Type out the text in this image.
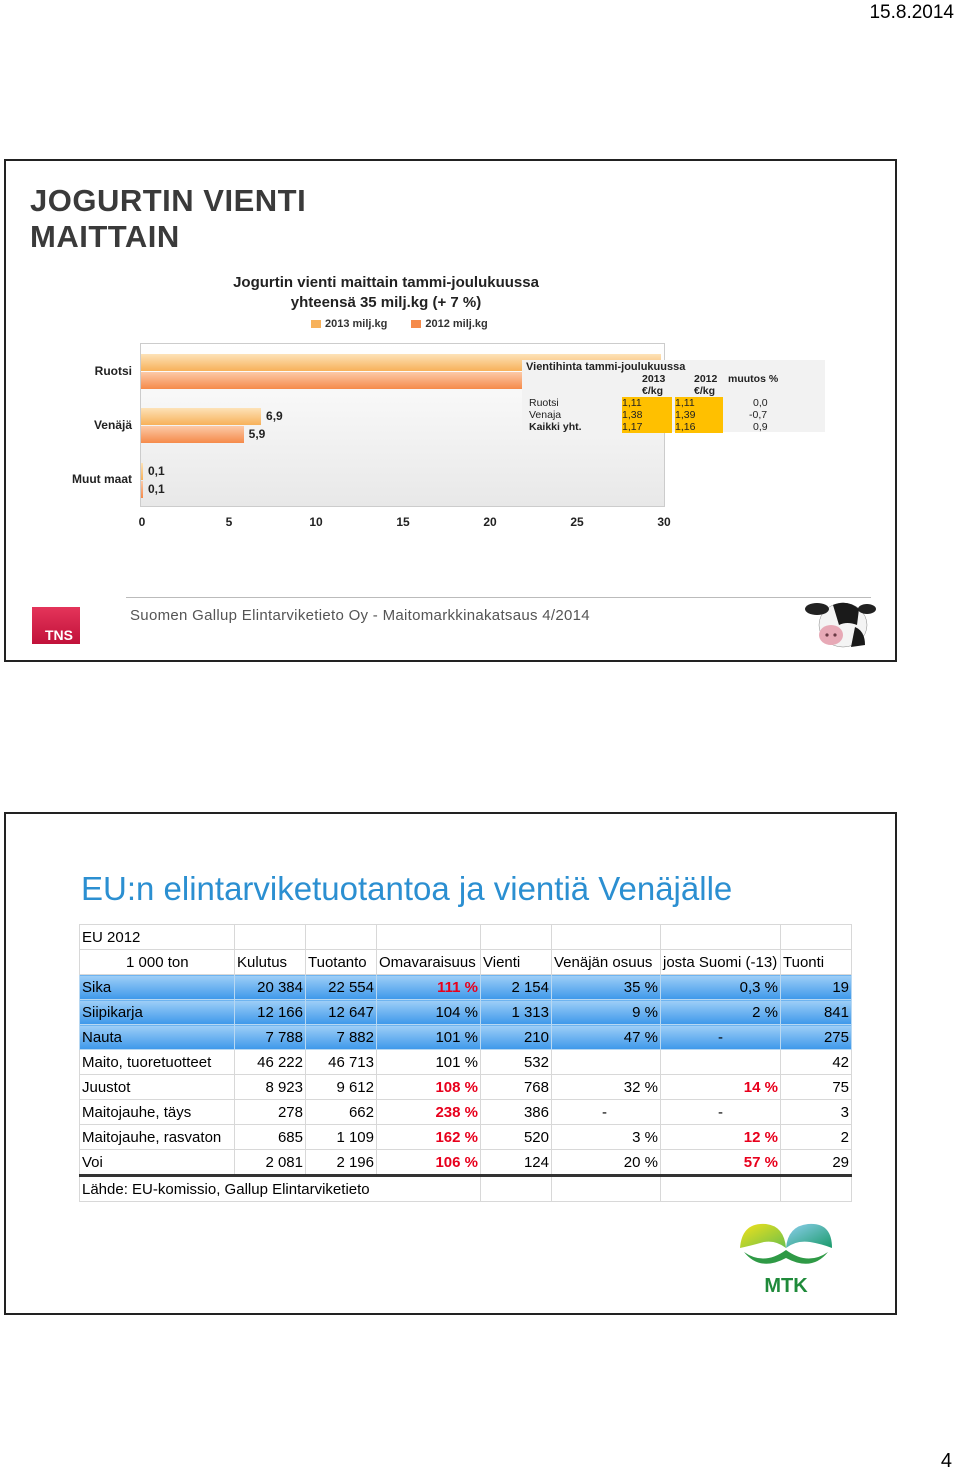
15.8.2014
JOGURTIN VIENTI
MAITTAIN
Jogurtin vienti maittain tammi-joulukuussa
yhteensä 35 milj.kg (+ 7 %)
2013 milj.kg	2012 milj.kg
Ruotsi
Venäjä
Muut maat
6,9
5,9
0,1
0,1
0	5	10	15	20	25	30
Vientihinta tammi-joulukuussa
2013	2012 muutos %
€/kg	€/kg
Ruotsi	1,11	1,11	0,0
Venaja	1,38	1,39	-0,7
Kaikki yht.	1,17	1,16	0,9
TNS
Suomen Gallup Elintarviketieto Oy - Maitomarkkinakatsaus 4/2014
EU:n elintarviketuotantoa ja vientiä Venäjälle
EU 2012							
1 000 ton	Kulutus	Tuotanto	Omavaraisuus	Vienti	Venäjän osuus	josta Suomi (-13)	Tuonti
Sika	20 384	22 554	111 %	2 154	35 %	0,3 %	19
Siipikarja	12 166	12 647	104 %	1 313	9 %	2 %	841
Nauta	7 788	7 882	101 %	210	47 %	-	275
Maito, tuoretuotteet	46 222	46 713	101 %	532			42
Juustot	8 923	9 612	108 %	768	32 %	14 %	75
Maitojauhe, täys	278	662	238 %	386	-	-	3
Maitojauhe, rasvaton	685	1 109	162 %	520	3 %	12 %	2
Voi	2 081	2 196	106 %	124	20 %	57 %	29
Lähde: EU-komissio, Gallup Elintarviketieto							
MTK
4
